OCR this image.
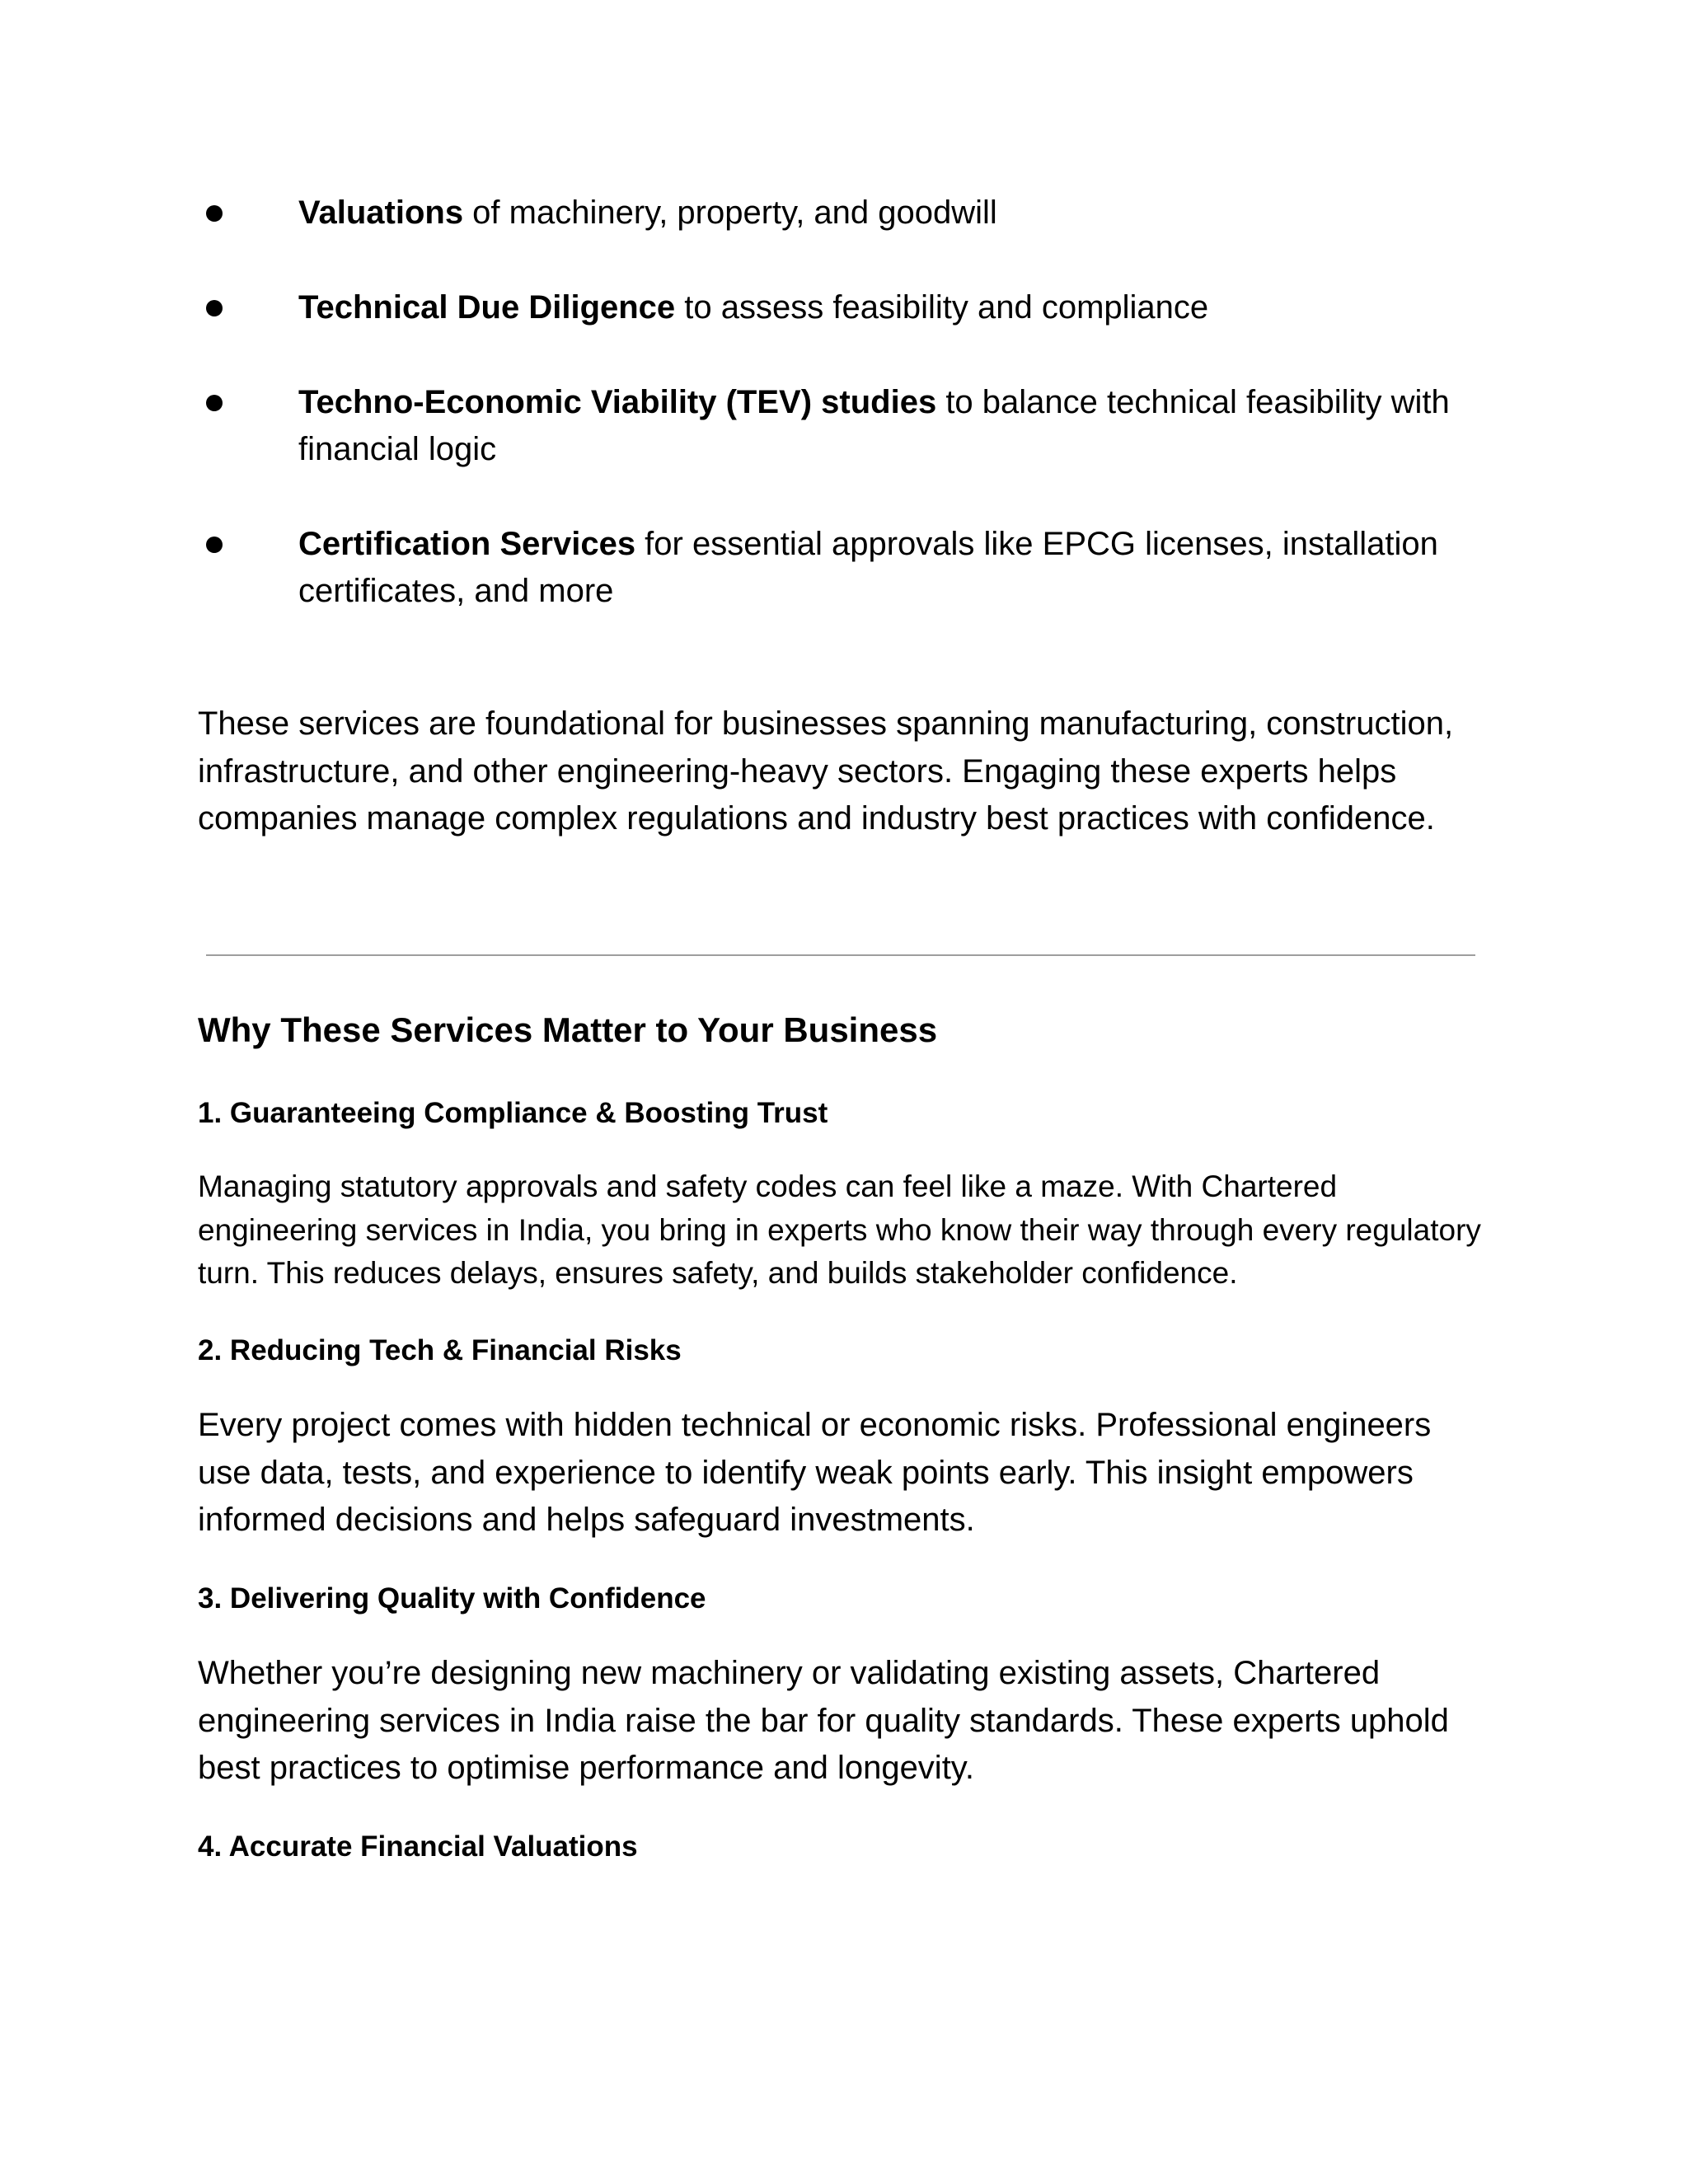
Valuations of machinery, property, and goodwill
Technical Due Diligence to assess feasibility and compliance
Techno-Economic Viability (TEV) studies to balance technical feasibility with financial logic
Certification Services for essential approvals like EPCG licenses, installation certificates, and more

These services are foundational for businesses spanning manufacturing, construction, infrastructure, and other engineering-heavy sectors. Engaging these experts helps companies manage complex regulations and industry best practices with confidence.

Why These Services Matter to Your Business
1. Guaranteeing Compliance & Boosting Trust

Managing statutory approvals and safety codes can feel like a maze. With Chartered engineering services in India, you bring in experts who know their way through every regulatory turn. This reduces delays, ensures safety, and builds stakeholder confidence.

2. Reducing Tech & Financial Risks

Every project comes with hidden technical or economic risks. Professional engineers use data, tests, and experience to identify weak points early. This insight empowers informed decisions and helps safeguard investments.

3. Delivering Quality with Confidence

Whether you’re designing new machinery or validating existing assets, Chartered engineering services in India raise the bar for quality standards. These experts uphold best practices to optimise performance and longevity.

4. Accurate Financial Valuations
